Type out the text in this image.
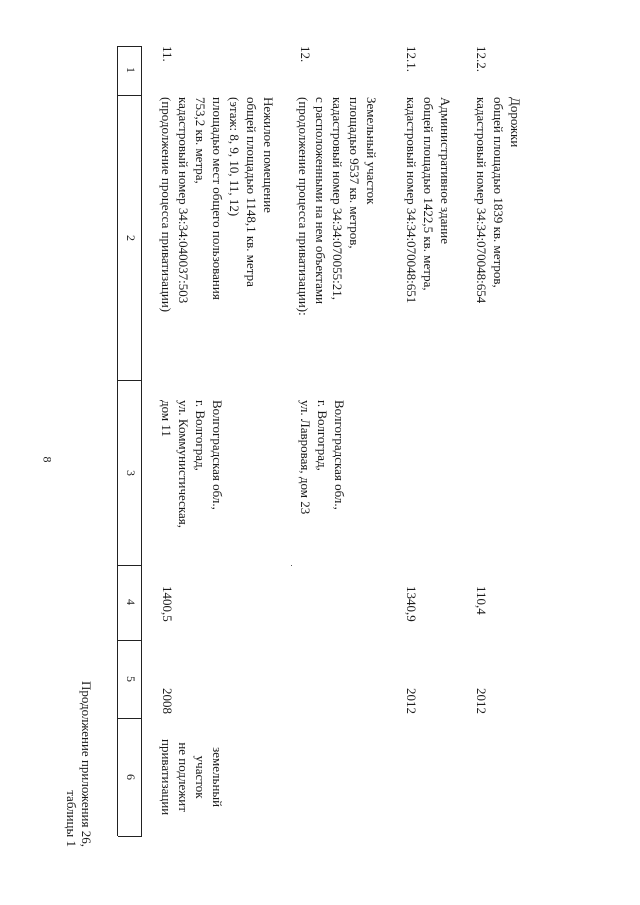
8
Продолжение приложения 26,
таблицы 1
1
2
3
4
5
6
11.
Нежилое помещение
общей площадью 1148,1 кв. метра
(этаж: 8, 9, 10, 11, 12)
площадью мест общего пользования
753,2 кв. метра,
кадастровый номер 34:34:040037:503
(продолжение процесса приватизации)
Волгоградская обл.,
г. Волгоград,
ул. Коммунистическая,
дом 11
1400,5
2008
земельный
участок
не подлежит
приватизации
12.
Земельный участок
площадью 9537 кв. метров,
кадастровый номер 34:34:070055:21,
с расположенными на нем объектами
(продолжение процесса приватизации):
Волгоградская обл.,
г. Волгоград,
ул. Лавровая, дом 23
12.1.
Административное здание
общей площадью 1422,5 кв. метра,
кадастровый номер 34:34:070048:651
1340,9
2012
12.2.
Дорожки
общей площадью 1839 кв. метров,
кадастровый номер 34:34:070048:654
110,4
2012
